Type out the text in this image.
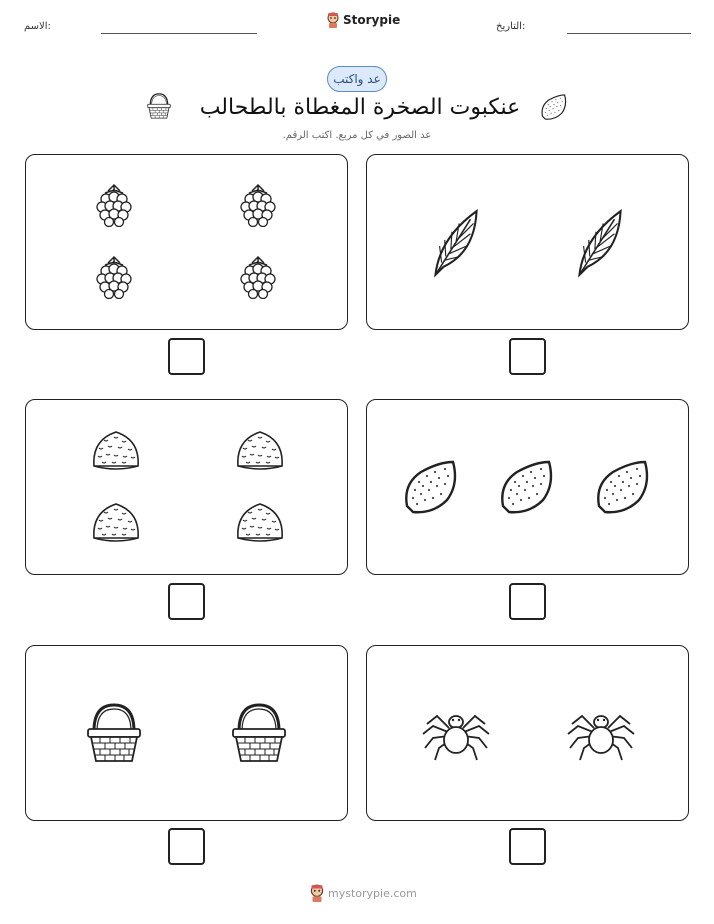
الاسم:	Storypie	التاريخ:
عد واكتب
عنكبوت الصخرة المغطاة بالطحالب
عد الصور في كل مربع. اكتب الرقم.
mystorypie.com
